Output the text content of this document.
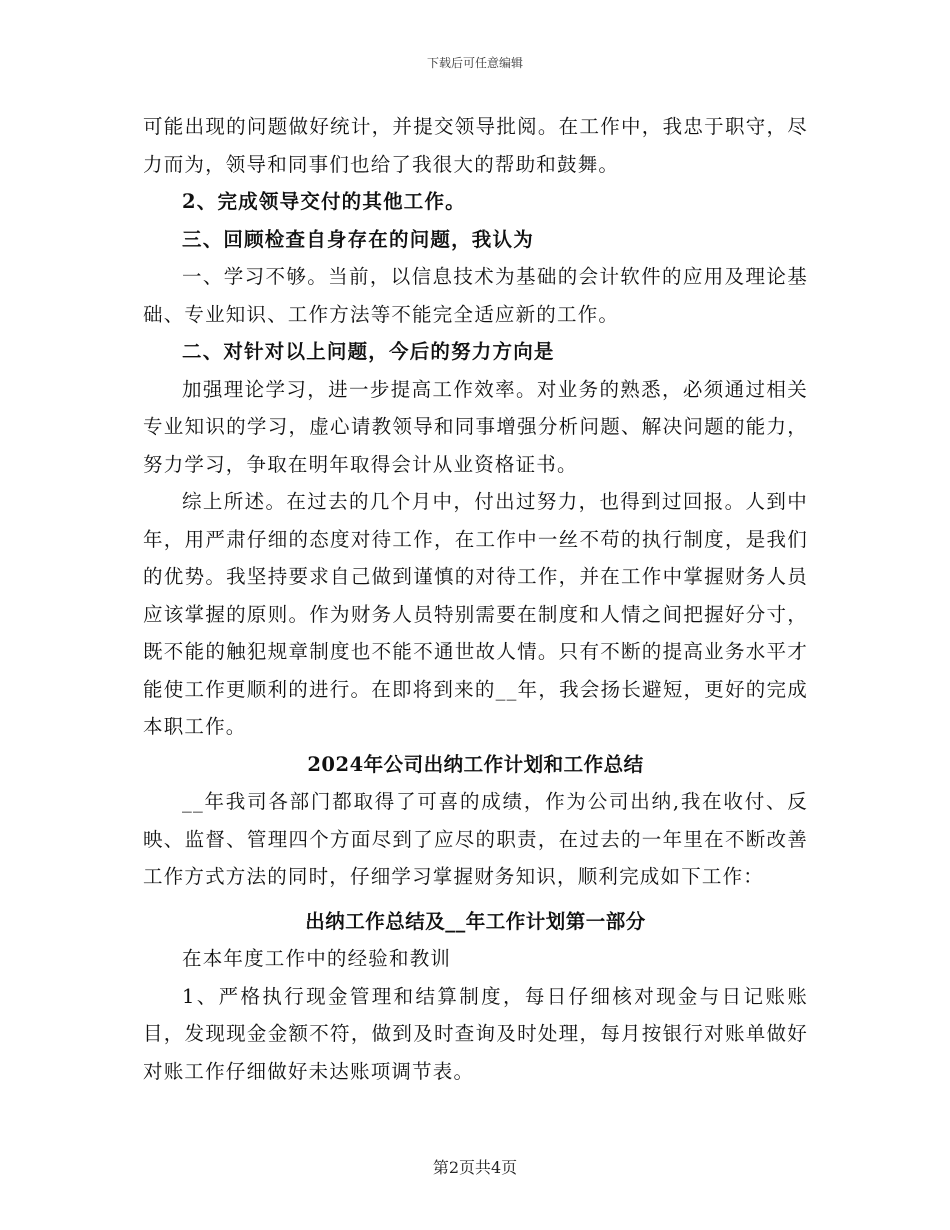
下载后可任意编辑

可能出现的问题做好统计，并提交领导批阅。在工作中，我忠于职守，尽力而为，领导和同事们也给了我很大的帮助和鼓舞。

2、完成领导交付的其他工作。

三、回顾检查自身存在的问题，我认为

一、学习不够。当前，以信息技术为基础的会计软件的应用及理论基础、专业知识、工作方法等不能完全适应新的工作。

二、对针对以上问题，今后的努力方向是

加强理论学习，进一步提高工作效率。对业务的熟悉，必须通过相关专业知识的学习，虚心请教领导和同事增强分析问题、解决问题的能力，努力学习，争取在明年取得会计从业资格证书。

综上所述。在过去的几个月中，付出过努力，也得到过回报。人到中年，用严肃仔细的态度对待工作，在工作中一丝不苟的执行制度，是我们的优势。我坚持要求自己做到谨慎的对待工作，并在工作中掌握财务人员应该掌握的原则。作为财务人员特别需要在制度和人情之间把握好分寸，既不能的触犯规章制度也不能不通世故人情。只有不断的提高业务水平才能使工作更顺利的进行。在即将到来的__年，我会扬长避短，更好的完成本职工作。

2024年公司出纳工作计划和工作总结

__年我司各部门都取得了可喜的成绩，作为公司出纳,我在收付、反映、监督、管理四个方面尽到了应尽的职责，在过去的一年里在不断改善工作方式方法的同时，仔细学习掌握财务知识，顺利完成如下工作：

出纳工作总结及__年工作计划第一部分

在本年度工作中的经验和教训

1、严格执行现金管理和结算制度，每日仔细核对现金与日记账账目，发现现金金额不符，做到及时查询及时处理，每月按银行对账单做好对账工作仔细做好未达账项调节表。

第2页共4页
